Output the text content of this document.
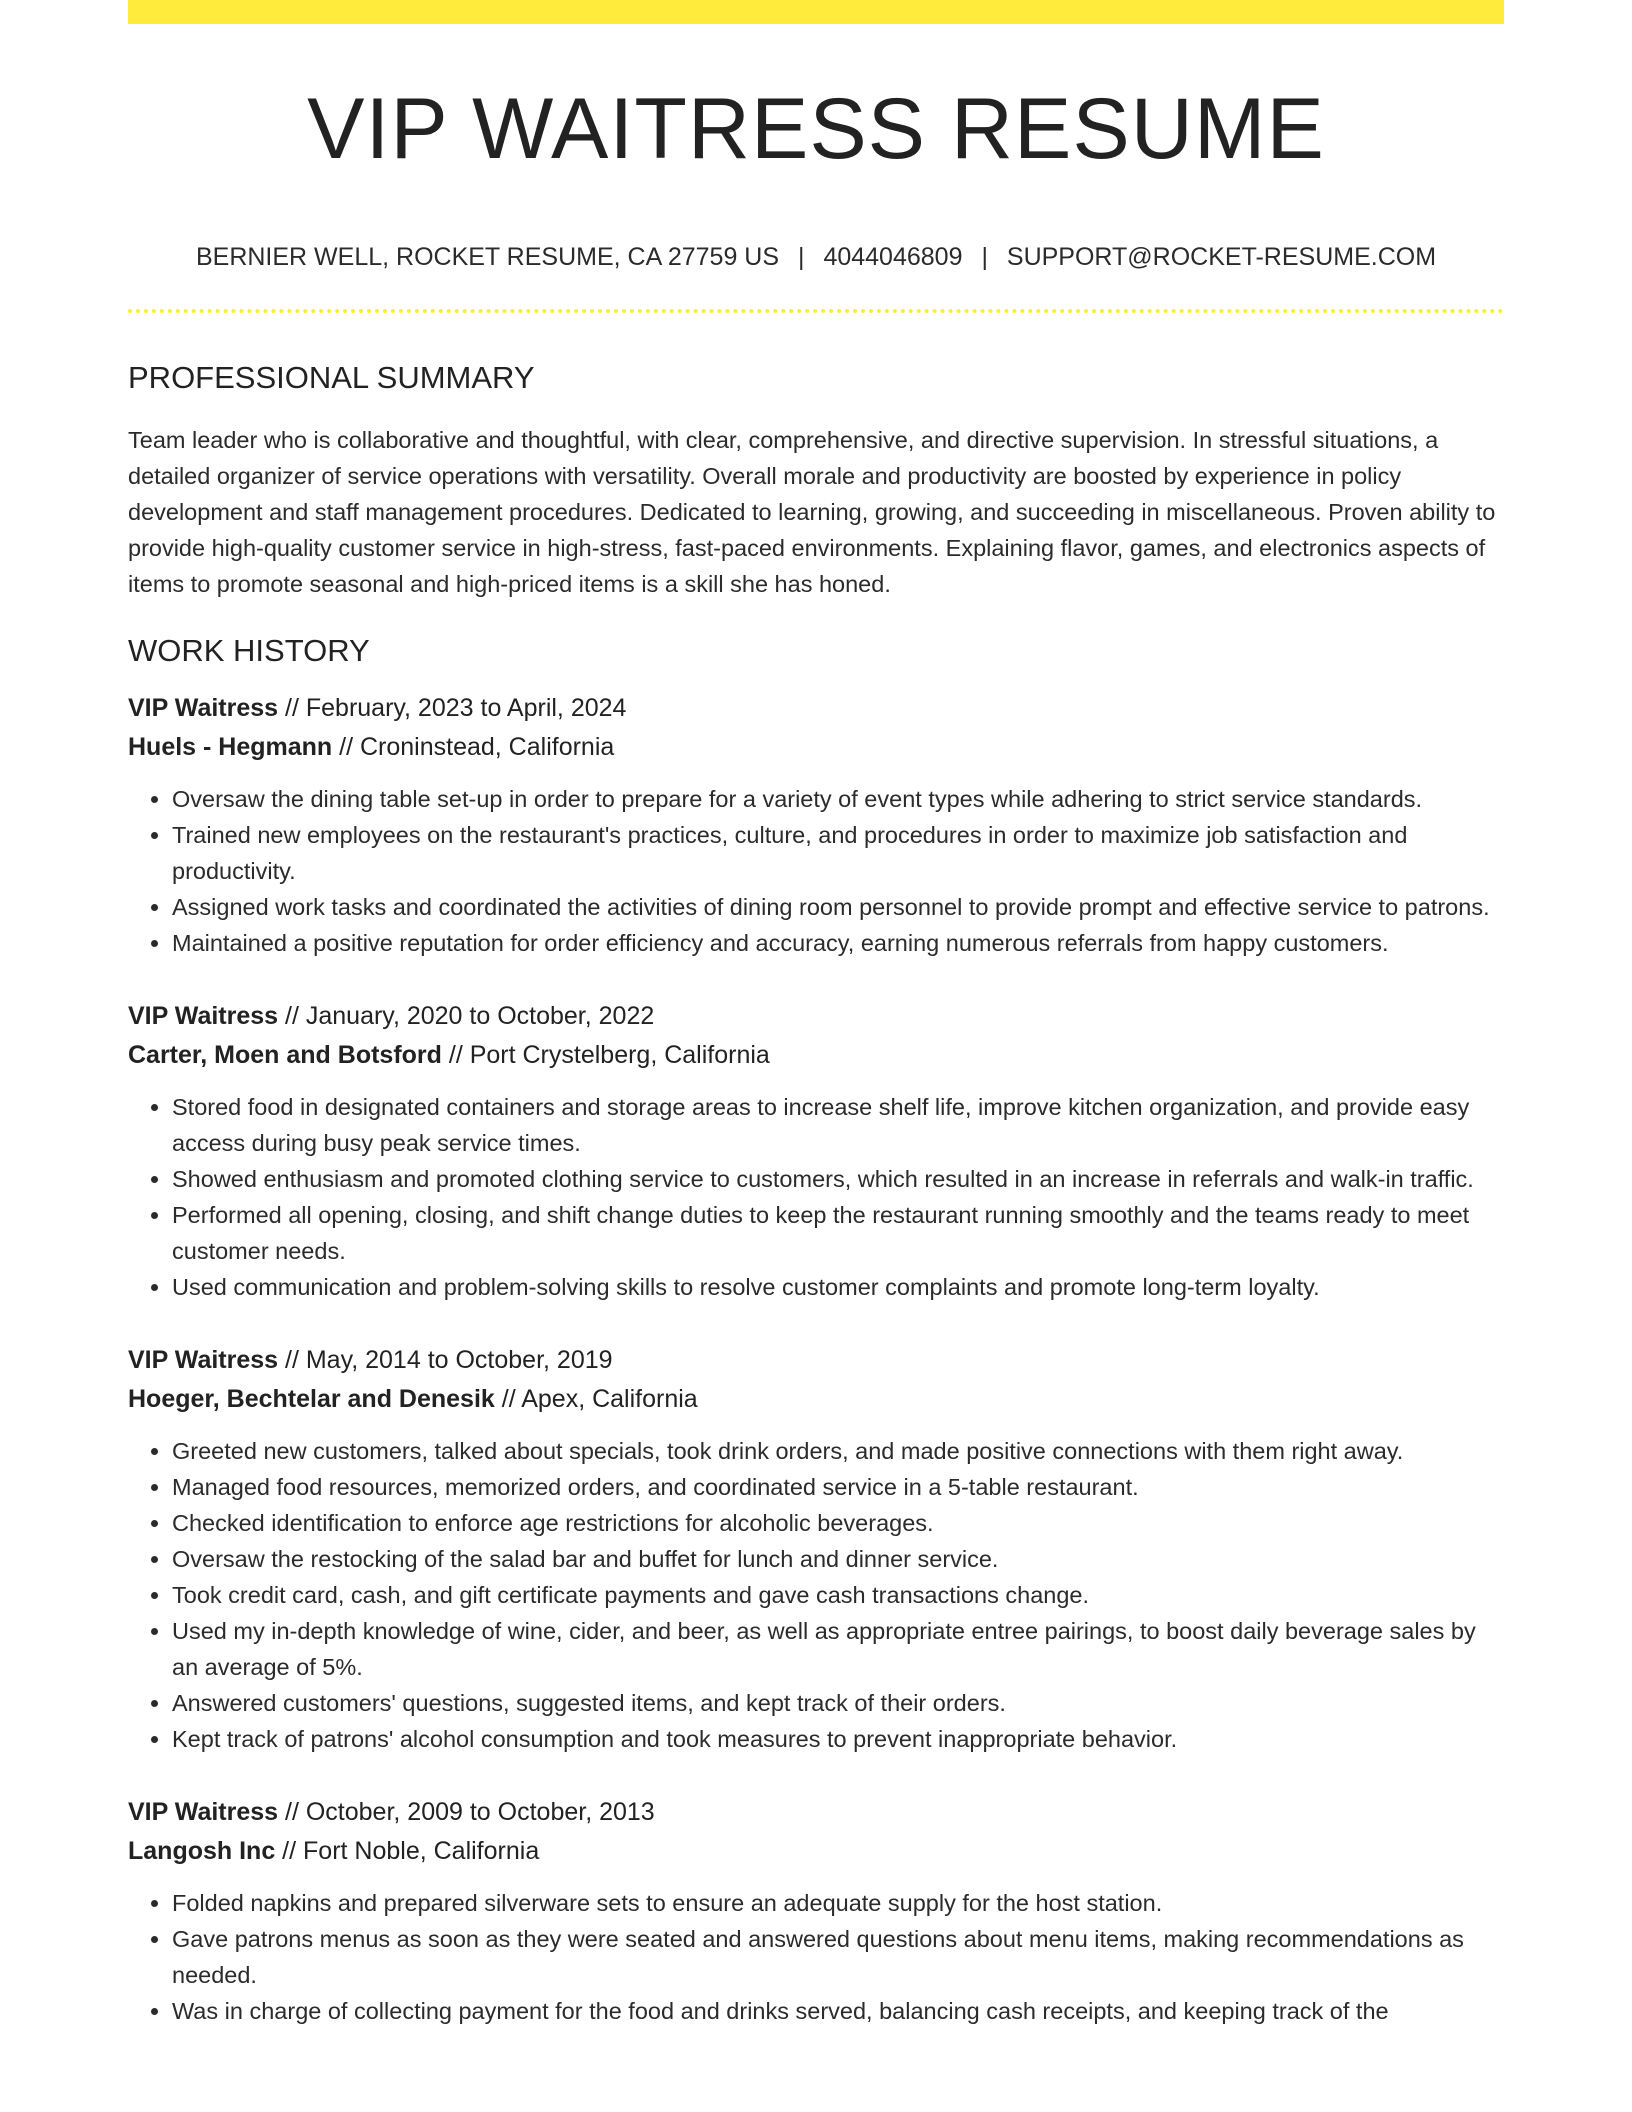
VIP WAITRESS RESUME
BERNIER WELL, ROCKET RESUME, CA 27759 US | 4044046809 | SUPPORT@ROCKET-RESUME.COM
PROFESSIONAL SUMMARY

Team leader who is collaborative and thoughtful, with clear, comprehensive, and directive supervision. In stressful situations, a detailed organizer of service operations with versatility. Overall morale and productivity are boosted by experience in policy development and staff management procedures. Dedicated to learning, growing, and succeeding in miscellaneous. Proven ability to provide high-quality customer service in high-stress, fast-paced environments. Explaining flavor, games, and electronics aspects of items to promote seasonal and high-priced items is a skill she has honed.

WORK HISTORY
VIP Waitress // February, 2023 to April, 2024
Huels - Hegmann // Croninstead, California
• Oversaw the dining table set-up in order to prepare for a variety of event types while adhering to strict service standards.
• Trained new employees on the restaurant's practices, culture, and procedures in order to maximize job satisfaction and productivity.
• Assigned work tasks and coordinated the activities of dining room personnel to provide prompt and effective service to patrons.
• Maintained a positive reputation for order efficiency and accuracy, earning numerous referrals from happy customers.
VIP Waitress // January, 2020 to October, 2022
Carter, Moen and Botsford // Port Crystelberg, California
• Stored food in designated containers and storage areas to increase shelf life, improve kitchen organization, and provide easy access during busy peak service times.
• Showed enthusiasm and promoted clothing service to customers, which resulted in an increase in referrals and walk-in traffic.
• Performed all opening, closing, and shift change duties to keep the restaurant running smoothly and the teams ready to meet customer needs.
• Used communication and problem-solving skills to resolve customer complaints and promote long-term loyalty.
VIP Waitress // May, 2014 to October, 2019
Hoeger, Bechtelar and Denesik // Apex, California
• Greeted new customers, talked about specials, took drink orders, and made positive connections with them right away.
• Managed food resources, memorized orders, and coordinated service in a 5-table restaurant.
• Checked identification to enforce age restrictions for alcoholic beverages.
• Oversaw the restocking of the salad bar and buffet for lunch and dinner service.
• Took credit card, cash, and gift certificate payments and gave cash transactions change.
• Used my in-depth knowledge of wine, cider, and beer, as well as appropriate entree pairings, to boost daily beverage sales by an average of 5%.
• Answered customers' questions, suggested items, and kept track of their orders.
• Kept track of patrons' alcohol consumption and took measures to prevent inappropriate behavior.
VIP Waitress // October, 2009 to October, 2013
Langosh Inc // Fort Noble, California
• Folded napkins and prepared silverware sets to ensure an adequate supply for the host station.
• Gave patrons menus as soon as they were seated and answered questions about menu items, making recommendations as needed.
• Was in charge of collecting payment for the food and drinks served, balancing cash receipts, and keeping track of the
